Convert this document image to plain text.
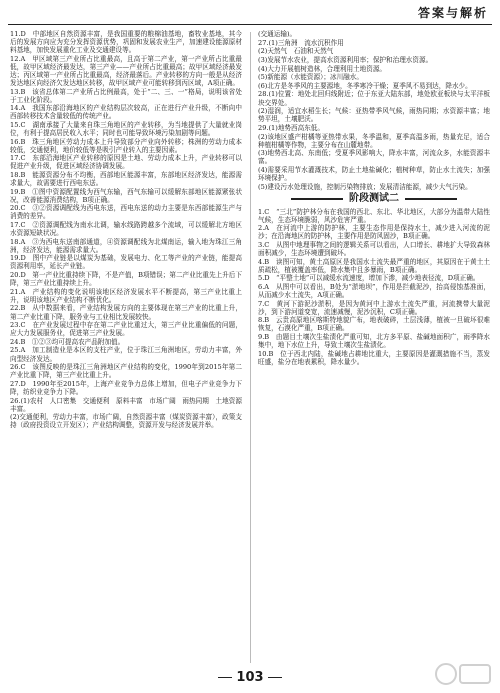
答案与解析

11.D　中部地区自然资源丰富，是我国重要的粮棉油基地，畜牧业基地，其今后的发展方向应为充分发挥资源优势，巩固和发展农业生产，加速建设能源原材料基地，加快发展重化工业及交通建设等。

12.A　甲区域第三产业所占比重最高，且高于第二产业，第一产业所占比重最低，故甲区域经济最发达，第三产业——产业所占比重最高；故甲区域经济最发达；丙区域第一产业所占比重最高，经济最落后。产业转移的方向一般是从经济发达地区向经济欠发达地区转移，故甲区域产业可能转移到丙区域，A项正确。

13.B　该省总体第二产业所占比例最高，处于“二、三、一”格局，说明该省处于工业化阶段。

14.A　我国东部沿海地区的产业结构层次较高，正在进行产业升级，不断向中西部转移技术含量较低的传统产业。

15.C　湖南承接了大量来自珠三角地区的产业转移，为当地提供了大量就业岗位，有利于提高居民收入水平；同时也可能导致环境污染加剧等问题。

16.B　珠三角地区劳动力成本上升导致部分产业向外转移；株洲的劳动力成本较低，交通便利，地价较低等是吸引产业转入的主要因素。

17.C　东部沿海地区产业转移的原因是土地、劳动力成本上升，产业转移可以促进产业升级，促进区域经济协调发展。

18.B　能源资源分布不均衡，西部地区能源丰富，东部地区经济发达，能源需求量大，故需要进行西电东送。

19.B　①图中资源配置线为西气东输，西气东输可以缓解东部地区能源紧张状况，改善能源消费结构，B项正确。

20.C　③②资源调配线为西电东送，西电东送的动力主要是东西部能源生产与消费的差异。

17.C　②资源调配线为南水北调，输水线路跨越多个流域，可以缓解北方地区水资源短缺状况。

18.A　③为西电东送南部通道，④资源调配线为北煤南运，输入地为珠江三角洲，经济发达，能源需求量大。

19.D　图中产业链是以煤炭为基础，发展电力、化工等产业的产业链，能提高资源利用率，延长产业链。

20.D　第一产业比重持续下降，不是产值，B项错误；第二产业比重先上升后下降，第三产业比重持续上升。

21.A　产业结构的变化说明该地区经济发展水平不断提高，第三产业比重上升，说明该地区产业结构不断优化。

22.B　从中数据来看，产业结构发展方向的主要体现在第三产业的比重上升，第二产业比重下降，服务业与工业相比发展较快。

23.C　在产业发展过程中存在第二产业比重过大，第三产业比重偏低的问题，应大力发展服务业，促进第三产业发展。

24.B　①②③均可提高农产品附加值。

25.A　加工制造业是本区的支柱产业，位于珠江三角洲地区，劳动力丰富，外向型经济发达。

26.C　该图反映的是珠江三角洲地区产业结构的变化，1990年到2015年第二产业比重下降，第三产业比重上升。

27.D　1990年至2015年，上海产业竞争力总体上增加，但电子产业竞争力下降，纺织业竞争力下降。

26.(1)农村　人口密集　交通便利　原料丰富　市场广阔　雨热同期　土地资源丰富。

(2)交通便利，劳动力丰富，市场广阔，自然资源丰富（煤炭资源丰富），政策支持（政府投资设立开发区）；产业结构调整，资源开发与经济发展并举。

(交通运输)。

27.(1)三角洲　流水沉积作用

(2)天然气　石油和天然气

(3)发展节水农业，提高水资源利用率；保护和治理水资源。

(4)大力开展植树造林，合理利用土地资源。

(5)新能源（水能资源）；冰川融水。

(6)北方是冬季风的主要源地，冬季寒冷干燥；夏季风不易到达，降水少。

28.(1)位置：地处北回归线附近；位于东亚大陆东部，地处欧亚板块与太平洋板块交界处。

(2)湿润，适宜水稻生长；气候：亚热带季风气候，雨热同期；水资源丰富；地势平坦，土壤肥沃。

29.(1)地势西高东低。

(2)该地区盛产柑橘等亚热带水果，冬季温和，夏季高温多雨，热量充足，适合种植柑橘等作物，主要分布在山麓地带。

(3)地势西北高、东南低；受夏季风影响大，降水丰富，河流众多，水能资源丰富。

(4)需要采用节水灌溉技术，防止土地盐碱化；植树种草，防止水土流失；加强环境保护。

(5)建设污水处理设施，控制污染物排放；发展清洁能源，减少大气污染。

阶段测试二

1.C　“三北”防护林分布在我国的西北、东北、华北地区，大部分为温带大陆性气候，生态环境脆弱，风沙危害严重。

2.A　在河流中上游的防护林，主要生态作用是保持水土，减少进入河流的泥沙；在沿海地区的防护林，主要作用是防风固沙，B项正确。

3.C　从图中地理事物之间的逻辑关系可以看出，人口增长、耕地扩大导致森林面积减少，生态环境遭到破坏。

4.B　读图可知，黄土高原区是我国水土流失最严重的地区，其原因在于黄土土质疏松，植被覆盖率低，降水集中且多暴雨，B项正确。

5.D　“平整土地”可以减缓水流速度，增加下渗，减少地表径流，D项正确。

6.A　从图中可以看出，B处为“淤地坝”，作用是拦截泥沙，抬高侵蚀基准面，从而减少水土流失，A项正确。

7.C　黄河下游泥沙淤积，是因为黄河中上游水土流失严重，河流携带大量泥沙，到下游河道变宽，流速减慢，泥沙沉积，C项正确。

8.B　云贵高原地区喀斯特地貌广布，地表破碎，土层浅薄，植被一旦破坏很难恢复，石漠化严重，B项正确。

9.B　由题目土壤次生盐渍化严重可知，北方多平原、盐碱地面积广，雨季降水集中，地下水位上升，导致土壤次生盐渍化。

10.B　位于西北内陆，盐碱地占耕地比重大，主要原因是灌溉措施不当，蒸发旺盛，盐分在地表累积，降水量少。

103
